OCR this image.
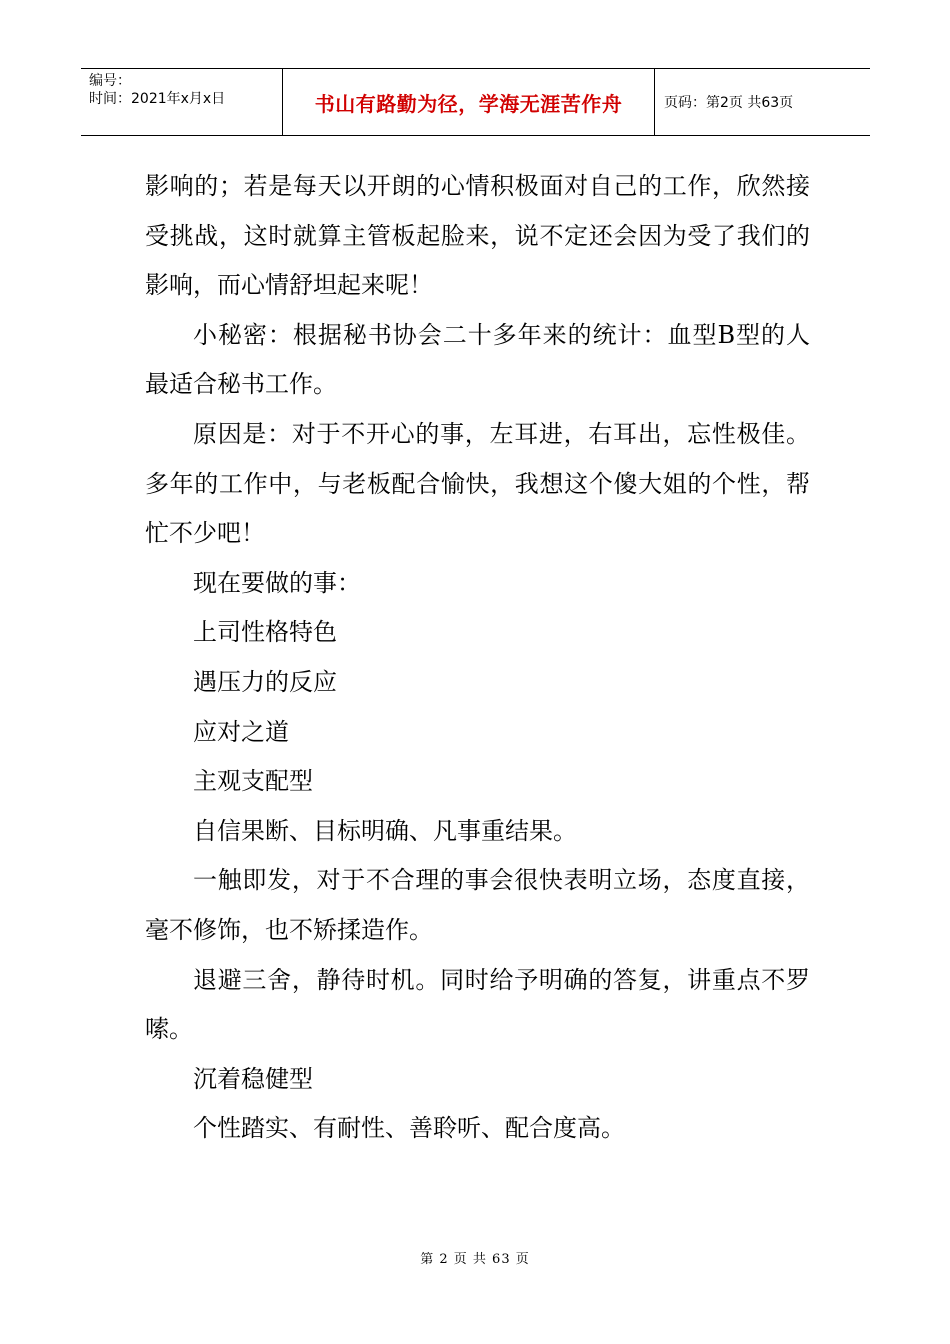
编号：
时间：2021年x月x日	书山有路勤为径，学海无涯苦作舟	页码：第2页 共63页

影响的；若是每天以开朗的心情积极面对自己的工作，欣然接受挑战，这时就算主管板起脸来，说不定还会因为受了我们的影响，而心情舒坦起来呢！

小秘密：根据秘书协会二十多年来的统计：血型B型的人最适合秘书工作。

原因是：对于不开心的事，左耳进，右耳出，忘性极佳。多年的工作中，与老板配合愉快，我想这个傻大姐的个性，帮忙不少吧！

现在要做的事：

上司性格特色

遇压力的反应

应对之道

主观支配型

自信果断、目标明确、凡事重结果。

一触即发，对于不合理的事会很快表明立场，态度直接，毫不修饰，也不矫揉造作。

退避三舍，静待时机。同时给予明确的答复，讲重点不罗嗦。

沉着稳健型

个性踏实、有耐性、善聆听、配合度高。

第 2 页 共 63 页
